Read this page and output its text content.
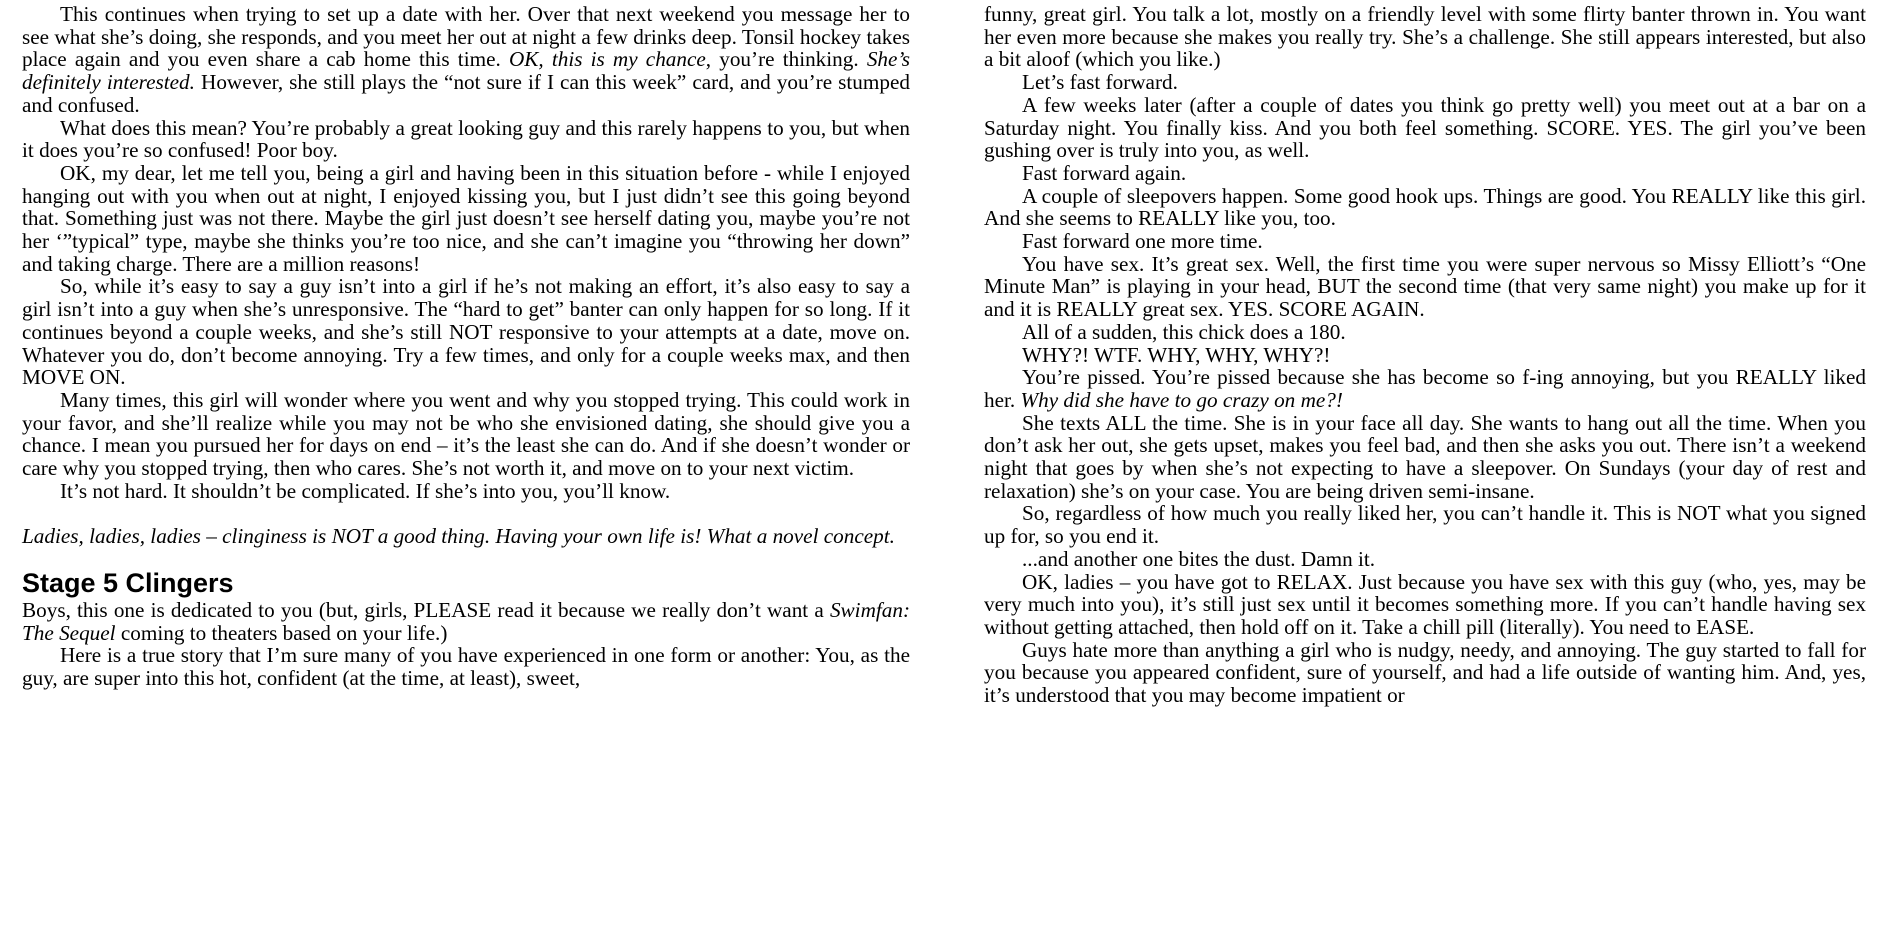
This continues when trying to set up a date with her. Over that next weekend you message her to see what she’s doing, she responds, and you meet her out at night a few drinks deep. Tonsil hockey takes place again and you even share a cab home this time. OK, this is my chance, you’re thinking. She’s definitely interested. However, she still plays the “not sure if I can this week” card, and you’re stumped and confused.

What does this mean? You’re probably a great looking guy and this rarely happens to you, but when it does you’re so confused! Poor boy.

OK, my dear, let me tell you, being a girl and having been in this situation before - while I enjoyed hanging out with you when out at night, I enjoyed kissing you, but I just didn’t see this going beyond that. Something just was not there. Maybe the girl just doesn’t see herself dating you, maybe you’re not her ‘”typical” type, maybe she thinks you’re too nice, and she can’t imagine you “throwing her down” and taking charge. There are a million reasons!

So, while it’s easy to say a guy isn’t into a girl if he’s not making an effort, it’s also easy to say a girl isn’t into a guy when she’s unresponsive. The “hard to get” banter can only happen for so long. If it continues beyond a couple weeks, and she’s still NOT responsive to your attempts at a date, move on. Whatever you do, don’t become annoying. Try a few times, and only for a couple weeks max, and then MOVE ON.

Many times, this girl will wonder where you went and why you stopped trying. This could work in your favor, and she’ll realize while you may not be who she envisioned dating, she should give you a chance. I mean you pursued her for days on end – it’s the least she can do. And if she doesn’t wonder or care why you stopped trying, then who cares. She’s not worth it, and move on to your next victim.

It’s not hard. It shouldn’t be complicated. If she’s into you, you’ll know.

Ladies, ladies, ladies – clinginess is NOT a good thing. Having your own life is! What a novel concept.

Stage 5 Clingers

Boys, this one is dedicated to you (but, girls, PLEASE read it because we really don’t want a Swimfan: The Sequel coming to theaters based on your life.)

Here is a true story that I’m sure many of you have experienced in one form or another: You, as the guy, are super into this hot, confident (at the time, at least), sweet,

funny, great girl. You talk a lot, mostly on a friendly level with some flirty banter thrown in. You want her even more because she makes you really try. She’s a challenge. She still appears interested, but also a bit aloof (which you like.)

Let’s fast forward.

A few weeks later (after a couple of dates you think go pretty well) you meet out at a bar on a Saturday night. You finally kiss. And you both feel something. SCORE. YES. The girl you’ve been gushing over is truly into you, as well.

Fast forward again.

A couple of sleepovers happen. Some good hook ups. Things are good. You REALLY like this girl. And she seems to REALLY like you, too.

Fast forward one more time.

You have sex. It’s great sex. Well, the first time you were super nervous so Missy Elliott’s “One Minute Man” is playing in your head, BUT the second time (that very same night) you make up for it and it is REALLY great sex. YES. SCORE AGAIN.

All of a sudden, this chick does a 180.

WHY?! WTF. WHY, WHY, WHY?!

You’re pissed. You’re pissed because she has become so f-ing annoying, but you REALLY liked her. Why did she have to go crazy on me?!

She texts ALL the time. She is in your face all day. She wants to hang out all the time. When you don’t ask her out, she gets upset, makes you feel bad, and then she asks you out. There isn’t a weekend night that goes by when she’s not expecting to have a sleepover. On Sundays (your day of rest and relaxation) she’s on your case. You are being driven semi-insane.

So, regardless of how much you really liked her, you can’t handle it. This is NOT what you signed up for, so you end it.

...and another one bites the dust. Damn it.

OK, ladies – you have got to RELAX. Just because you have sex with this guy (who, yes, may be very much into you), it’s still just sex until it becomes something more. If you can’t handle having sex without getting attached, then hold off on it. Take a chill pill (literally). You need to EASE.

Guys hate more than anything a girl who is nudgy, needy, and annoying. The guy started to fall for you because you appeared confident, sure of yourself, and had a life outside of wanting him. And, yes, it’s understood that you may become impatient or
